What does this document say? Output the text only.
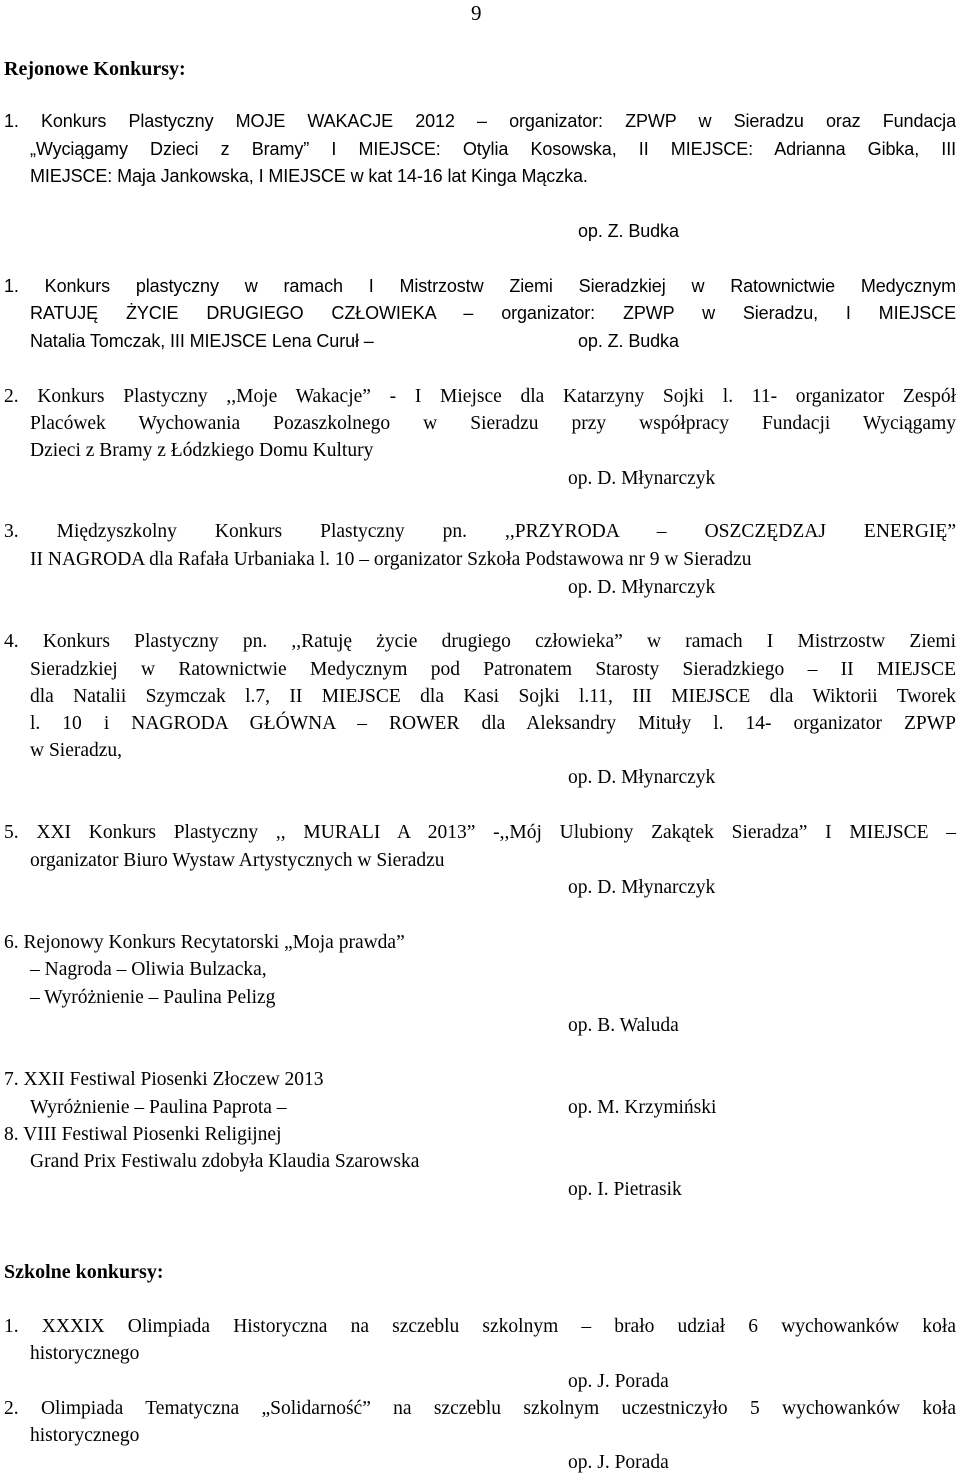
9
Rejonowe Konkursy:
1. Konkurs Plastyczny MOJE WAKACJE 2012 – organizator: ZPWP w Sieradzu oraz Fundacja
„Wyciągamy Dzieci z Bramy” I MIEJSCE: Otylia Kosowska, II MIEJSCE: Adrianna Gibka, III
MIEJSCE: Maja Jankowska, I MIEJSCE w kat 14-16 lat Kinga Mączka.
op. Z. Budka
1. Konkurs plastyczny w ramach I Mistrzostw Ziemi Sieradzkiej w Ratownictwie Medycznym
RATUJĘ ŻYCIE DRUGIEGO CZŁOWIEKA – organizator: ZPWP w Sieradzu, I MIEJSCE
Natalia Tomczak, III MIEJSCE Lena Curuł –	op. Z. Budka
2. Konkurs Plastyczny ,,Moje Wakacje” - I Miejsce dla Katarzyny Sojki l. 11- organizator Zespół
Placówek Wychowania Pozaszkolnego w Sieradzu przy współpracy Fundacji Wyciągamy
Dzieci z Bramy z Łódzkiego Domu Kultury
op. D. Młynarczyk
3. Międzyszkolny Konkurs Plastyczny pn. ,,PRZYRODA – OSZCZĘDZAJ ENERGIĘ”
II NAGRODA dla Rafała Urbaniaka l. 10 – organizator Szkoła Podstawowa nr 9 w Sieradzu
op. D. Młynarczyk
4. Konkurs Plastyczny pn. ,,Ratuję życie drugiego człowieka” w ramach I Mistrzostw Ziemi
Sieradzkiej w Ratownictwie Medycznym pod Patronatem Starosty Sieradzkiego – II MIEJSCE
dla Natalii Szymczak l.7, II MIEJSCE dla Kasi Sojki l.11, III MIEJSCE dla Wiktorii Tworek
l. 10 i NAGRODA GŁÓWNA – ROWER dla Aleksandry Mituły l. 14- organizator ZPWP
w Sieradzu,
op. D. Młynarczyk
5. XXI Konkurs Plastyczny ,, MURALI A 2013” -,,Mój Ulubiony Zakątek Sieradza” I MIEJSCE –
organizator Biuro Wystaw Artystycznych w Sieradzu
op. D. Młynarczyk
6. Rejonowy Konkurs Recytatorski „Moja prawda”
– Nagroda – Oliwia Bulzacka,
– Wyróżnienie – Paulina Pelizg
op. B. Waluda
7. XXII Festiwal Piosenki Złoczew 2013
Wyróżnienie – Paulina Paprota –	op. M. Krzymiński
8. VIII Festiwal Piosenki Religijnej
Grand Prix Festiwalu zdobyła Klaudia Szarowska
op. I. Pietrasik
Szkolne konkursy:
1. XXXIX Olimpiada Historyczna na szczeblu szkolnym – brało udział 6 wychowanków koła
historycznego
op. J. Porada
2. Olimpiada Tematyczna „Solidarność” na szczeblu szkolnym uczestniczyło 5 wychowanków koła
historycznego
op. J. Porada
